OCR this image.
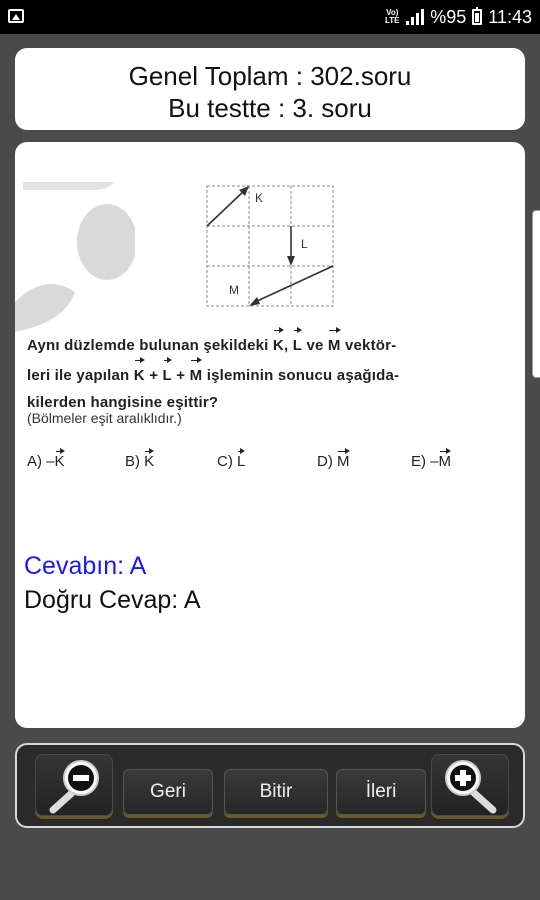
Vo)
LTE %95 11:43
Genel Toplam : 302.soru
Bu testte : 3. soru
K
L
M
Aynı düzlemde bulunan şekildeki K, L ve M vektör-
leri ile yapılan K + L + M işleminin sonucu aşağıda-
kilerden hangisine eşittir?
(Bölmeler eşit aralıklıdır.)
A) –K	B) K	C) L	D) M	E) –M
Cevabın: A
Doğru Cevap: A
Geri	Bitir	İleri
